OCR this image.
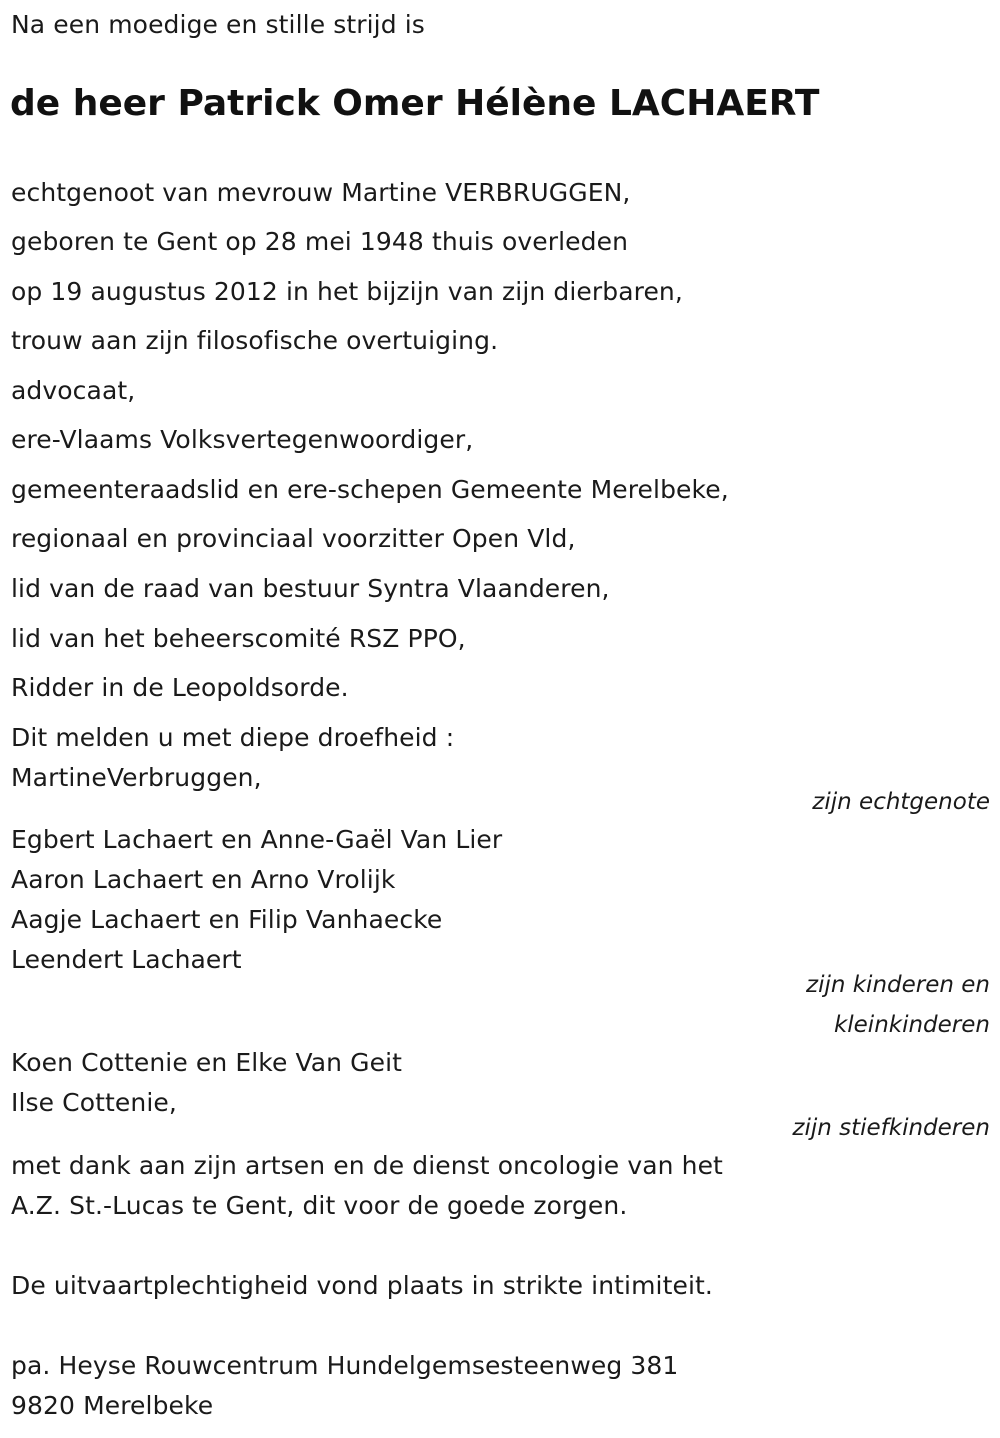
Na een moedige en stille strijd is
de heer Patrick Omer Hélène LACHAERT
echtgenoot van mevrouw Martine VERBRUGGEN,
geboren te Gent op 28 mei 1948 thuis overleden
op 19 augustus 2012 in het bijzijn van zijn dierbaren,
trouw aan zijn filosofische overtuiging.
advocaat,
ere-Vlaams Volksvertegenwoordiger,
gemeenteraadslid en ere-schepen Gemeente Merelbeke,
regionaal en provinciaal voorzitter Open Vld,
lid van de raad van bestuur Syntra Vlaanderen,
lid van het beheerscomité RSZ PPO,
Ridder in de Leopoldsorde.
Dit melden u met diepe droefheid :
MartineVerbruggen,
zijn echtgenote
Egbert Lachaert en Anne-Gaël Van Lier
Aaron Lachaert en Arno Vrolijk
Aagje Lachaert en Filip Vanhaecke
Leendert Lachaert
zijn kinderen en
kleinkinderen
Koen Cottenie en Elke Van Geit
Ilse Cottenie,
zijn stiefkinderen
met dank aan zijn artsen en de dienst oncologie van het
A.Z. St.-Lucas te Gent, dit voor de goede zorgen.
De uitvaartplechtigheid vond plaats in strikte intimiteit.
pa. Heyse Rouwcentrum Hundelgemsesteenweg 381
9820 Merelbeke
